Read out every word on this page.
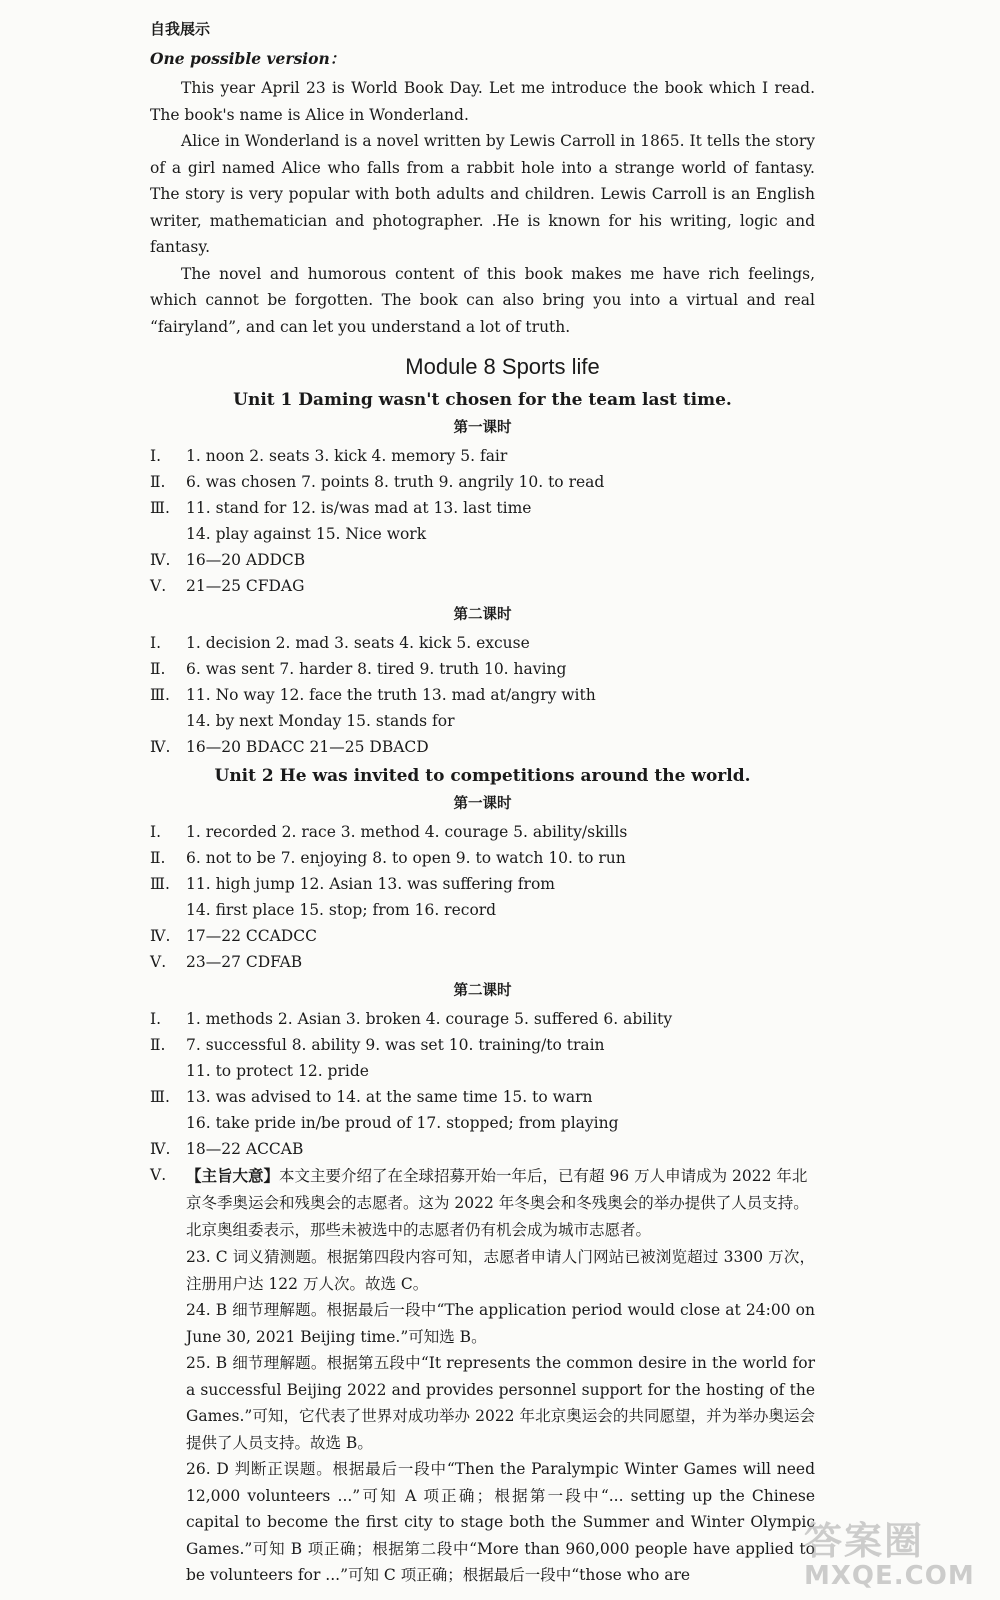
自我展示
One possible version：

This year April 23 is World Book Day. Let me introduce the book which I read. The book's name is Alice in Wonderland.

Alice in Wonderland is a novel written by Lewis Carroll in 1865. It tells the story of a girl named Alice who falls from a rabbit hole into a strange world of fantasy. The story is very popular with both adults and children. Lewis Carroll is an English writer, mathematician and photographer. .He is known for his writing, logic and fantasy.

The novel and humorous content of this book makes me have rich feelings, which cannot be forgotten. The book can also bring you into a virtual and real “fairyland”, and can let you understand a lot of truth.

Module 8 Sports life
Unit 1 Daming wasn't chosen for the team last time.
第一课时
Ⅰ.	1. noon 2. seats 3. kick 4. memory 5. fair
Ⅱ.	6. was chosen 7. points 8. truth 9. angrily 10. to read
Ⅲ.	11. stand for 12. is/was mad at 13. last time
14. play against 15. Nice work
Ⅳ.	16—20 ADDCB
Ⅴ.	21—25 CFDAG
第二课时
Ⅰ.	1. decision 2. mad 3. seats 4. kick 5. excuse
Ⅱ.	6. was sent 7. harder 8. tired 9. truth 10. having
Ⅲ.	11. No way 12. face the truth 13. mad at/angry with
14. by next Monday 15. stands for
Ⅳ.	16—20 BDACC 21—25 DBACD
Unit 2 He was invited to competitions around the world.
第一课时
Ⅰ.	1. recorded 2. race 3. method 4. courage 5. ability/skills
Ⅱ.	6. not to be 7. enjoying 8. to open 9. to watch 10. to run
Ⅲ.	11. high jump 12. Asian 13. was suffering from
14. first place 15. stop; from 16. record
Ⅳ.	17—22 CCADCC
Ⅴ.	23—27 CDFAB
第二课时
Ⅰ.	1. methods 2. Asian 3. broken 4. courage 5. suffered 6. ability
Ⅱ.	7. successful 8. ability 9. was set 10. training/to train
11. to protect 12. pride
Ⅲ.	13. was advised to 14. at the same time 15. to warn
16. take pride in/be proud of 17. stopped; from playing
Ⅳ.	18—22 ACCAB
Ⅴ. 【主旨大意】本文主要介绍了在全球招募开始一年后，已有超 96 万人申请成为 2022 年北京冬季奥运会和残奥会的志愿者。这为 2022 年冬奥会和冬残奥会的举办提供了人员支持。北京奥组委表示，那些未被选中的志愿者仍有机会成为城市志愿者。

23. C 词义猜测题。根据第四段内容可知，志愿者申请人门网站已被浏览超过 3300 万次，注册用户达 122 万人次。故选 C。

24. B 细节理解题。根据最后一段中“The application period would close at 24:00 on June 30, 2021 Beijing time.”可知选 B。

25. B 细节理解题。根据第五段中“It represents the common desire in the world for a successful Beijing 2022 and provides personnel support for the hosting of the Games.”可知，它代表了世界对成功举办 2022 年北京奥运会的共同愿望，并为举办奥运会提供了人员支持。故选 B。

26. D 判断正误题。根据最后一段中“Then the Paralympic Winter Games will need 12,000 volunteers ...”可知 A 项正确；根据第一段中“... setting up the Chinese capital to become the first city to stage both the Summer and Winter Olympic Games.”可知 B 项正确；根据第二段中“More than 960,000 people have applied to be volunteers for ...”可知 C 项正确；根据最后一段中“those who are

答案圈
MXQE.COM
